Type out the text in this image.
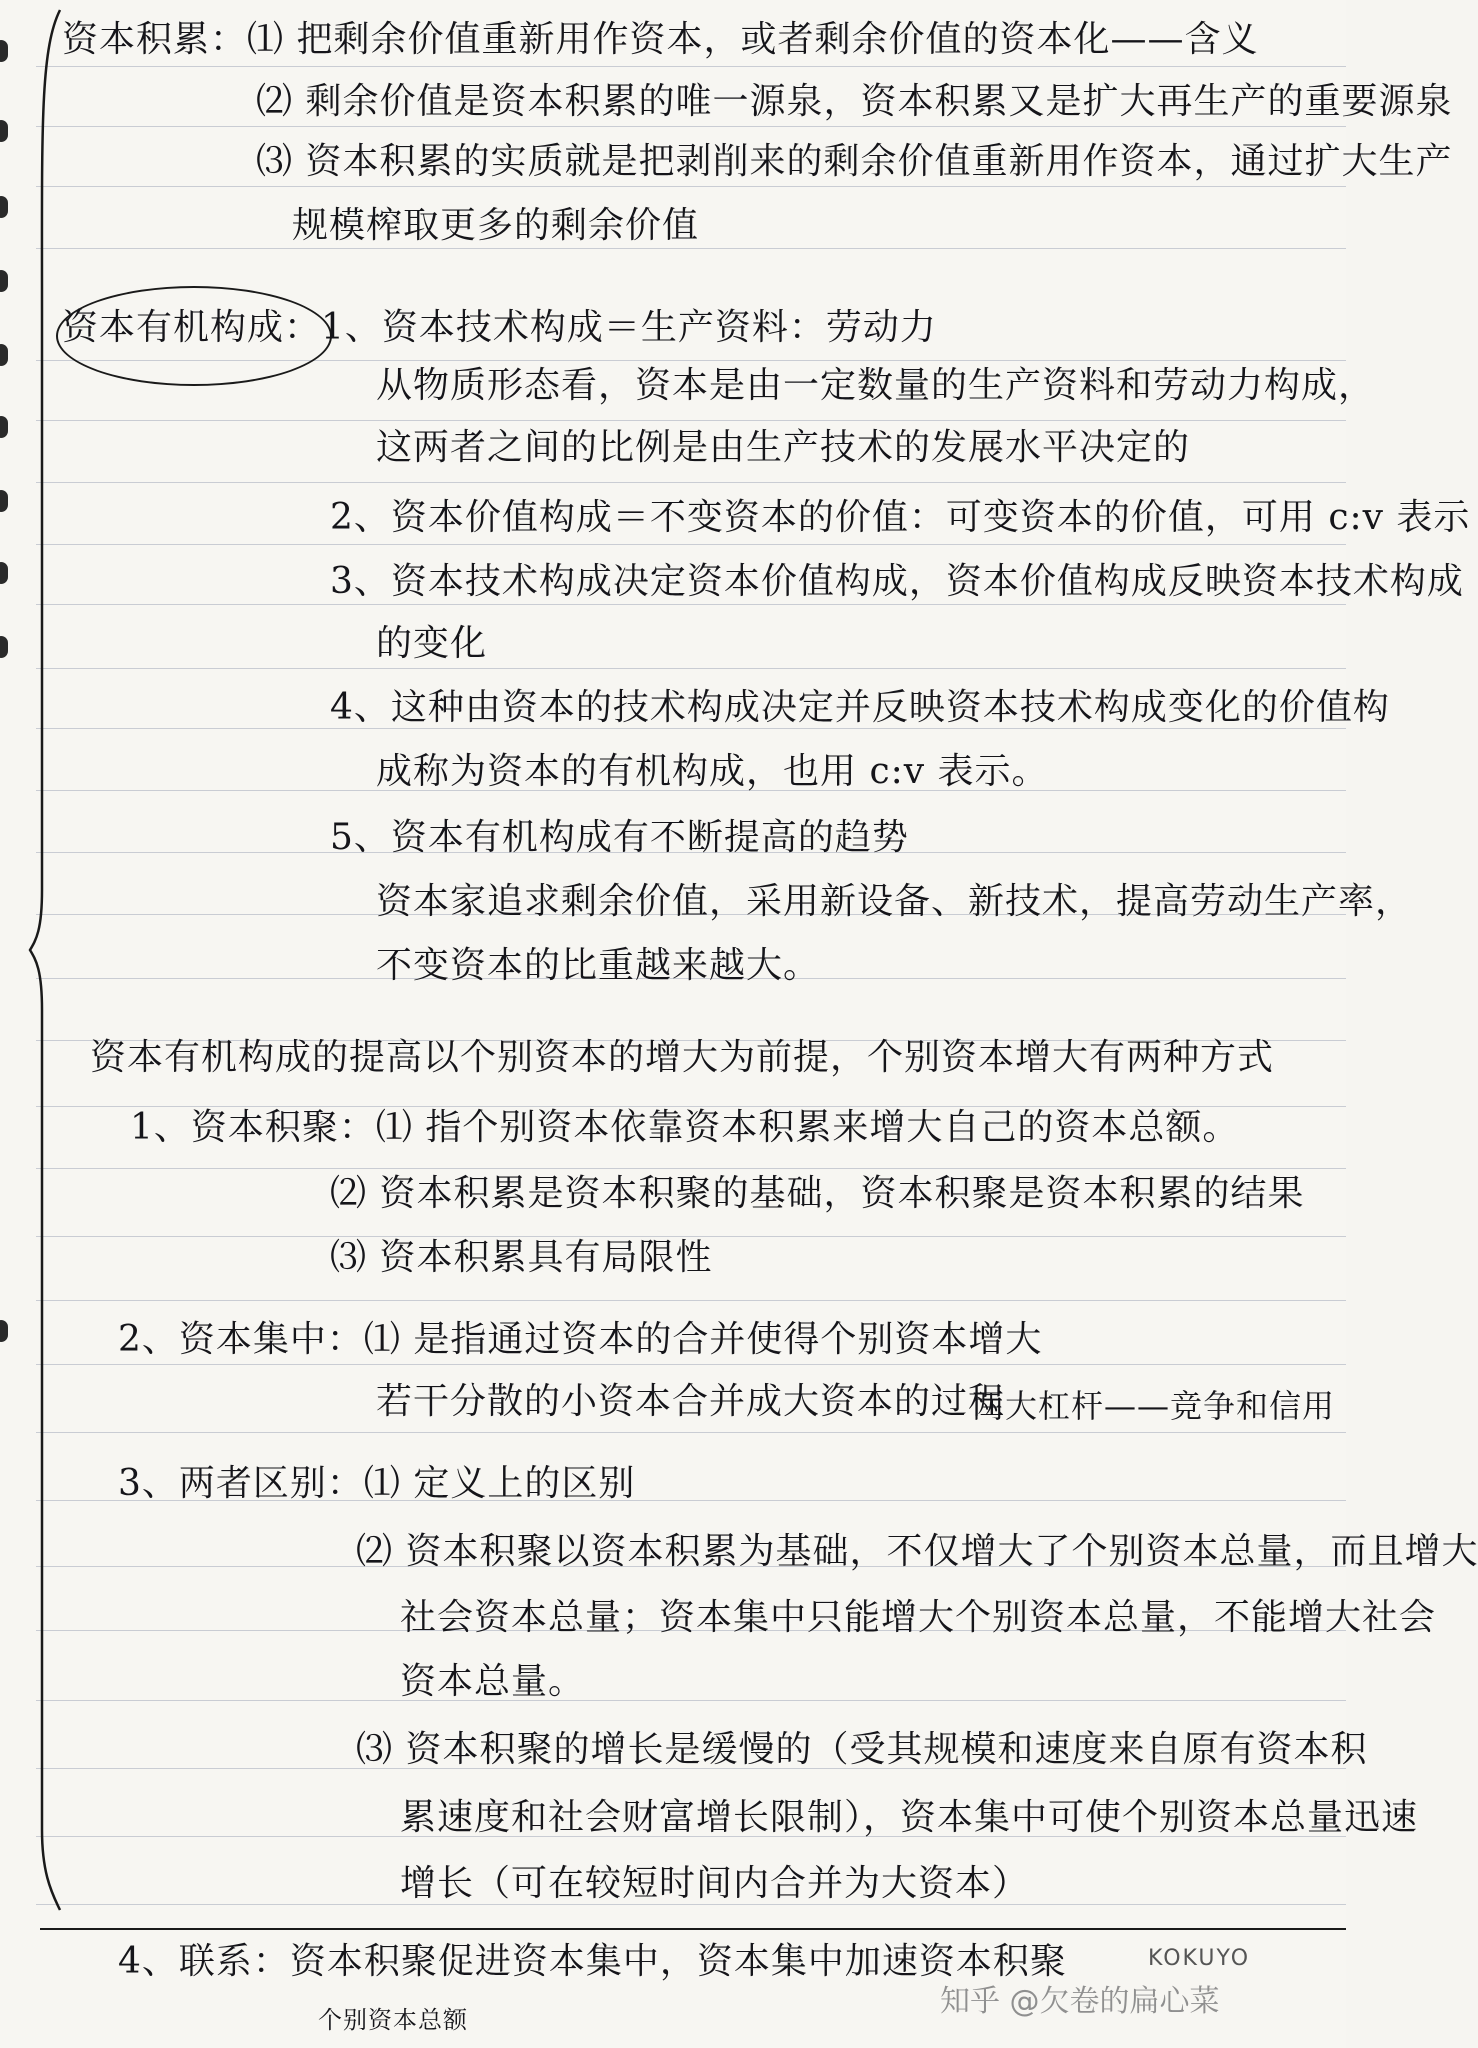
资本积累：⑴ 把剩余价值重新用作资本，或者剩余价值的资本化——含义
⑵ 剩余价值是资本积累的唯一源泉，资本积累又是扩大再生产的重要源泉
⑶ 资本积累的实质就是把剥削来的剩余价值重新用作资本，通过扩大生产
规模榨取更多的剩余价值
资本有机构成：1、资本技术构成＝生产资料：劳动力
从物质形态看，资本是由一定数量的生产资料和劳动力构成，
这两者之间的比例是由生产技术的发展水平决定的
2、资本价值构成＝不变资本的价值：可变资本的价值，可用 c:v 表示
3、资本技术构成决定资本价值构成，资本价值构成反映资本技术构成
的变化
4、这种由资本的技术构成决定并反映资本技术构成变化的价值构
成称为资本的有机构成，也用 c:v 表示。
5、资本有机构成有不断提高的趋势
资本家追求剩余价值，采用新设备、新技术，提高劳动生产率，
不变资本的比重越来越大。
资本有机构成的提高以个别资本的增大为前提，个别资本增大有两种方式
1、资本积聚：⑴ 指个别资本依靠资本积累来增大自己的资本总额。
⑵ 资本积累是资本积聚的基础，资本积聚是资本积累的结果
⑶ 资本积累具有局限性
2、资本集中：⑴ 是指通过资本的合并使得个别资本增大
若干分散的小资本合并成大资本的过程
两大杠杆——竞争和信用
3、两者区别：⑴ 定义上的区别
⑵ 资本积聚以资本积累为基础，不仅增大了个别资本总量，而且增大
社会资本总量；资本集中只能增大个别资本总量，不能增大社会
资本总量。
⑶ 资本积聚的增长是缓慢的（受其规模和速度来自原有资本积
累速度和社会财富增长限制），资本集中可使个别资本总量迅速
增长（可在较短时间内合并为大资本）
4、联系：资本积聚促进资本集中，资本集中加速资本积聚
个别资本总额
KOKUYO
知乎 @欠卷的扁心菜
